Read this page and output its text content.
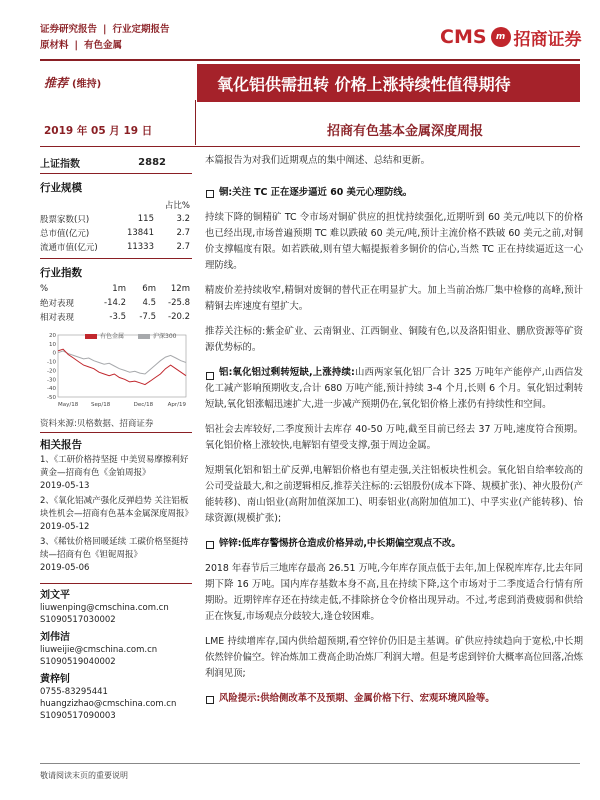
证券研究报告 | 行业定期报告
原材料 | 有色金属	CMS	m 招商证券
推荐 (维持)	氧化铝供需扭转 价格上涨持续性值得期待
2019 年 05 月 19 日	招商有色基本金属深度周报
上证指数	2882
行业规模
		占比%
股票家数(只)	115	3.2
总市值(亿元)	13841	2.7
流通市值(亿元)	11333	2.7
行业指数
%	1m	6m	12m
绝对表现	-14.2	4.5	-25.8
相对表现	-3.5	-7.5	-20.2
有色金属	沪深300
20
10
0
-10
-20
-30
-40
-50
May/18 Sep/18	Dec/18	Apr/19
资料来源:贝格数据、招商证券
相关报告
1、《工研价格持坚挺 中美贸易摩擦利好黄金—招商有色《金铂周报》
2019-05-13
2、《氧化铝减产强化反弹趋势 关注铝板块性机会—招商有色基本金属深度周报》
2019-05-12
3、《稀钛价格回暖延续 工碳价格坚挺持续—招商有色《钽铌周报》
2019-05-06
刘文平
liuwenping@cmschina.com.cn
S1090517030002
刘伟洁
liuweijie@cmschina.com.cn
S1090519040002
黄梓钊
0755-83295441
huangzizhao@cmschina.com.cn
S1090517090003
本篇报告为对我们近期观点的集中阐述、总结和更新。
铜:关注 TC 正在逐步逼近 60 美元心理防线。
持续下降的铜精矿 TC 令市场对铜矿供应的担忧持续强化,近期听到 60 美元/吨以下的价格也已经出现,市场普遍预期 TC 难以跌破 60 美元/吨,预计主流价格不跌破 60 美元之前,对铜价支撑幅度有限。如若跌破,则有望大幅提振着多铜价的信心,当然 TC 正在持续逼近这一心理防线。
精废价差持续收窄,精铜对废铜的替代正在明显扩大。加上当前冶炼厂集中检修的高峰,预计精铜去库速度有望扩大。
推荐关注标的:紫金矿业、云南铜业、江西铜业、铜陵有色,以及洛阳钼业、鹏欣资源等矿资源优势标的。
铝:氧化铝过剩转短缺,上涨持续:山西两家氧化铝厂合计 325 万吨年产能停产,山西信发化工减产影响预期收支,合计 680 万吨产能,预计持续 3-4 个月,长则 6 个月。氧化铝过剩转短缺,氧化铝涨幅迅速扩大,进一步减产预期仍在,氧化铝价格上涨仍有持续性和空间。
铝社会去库较好,二季度预计去库存 40-50 万吨,截至目前已经去 37 万吨,速度符合预期。氧化铝价格上涨较快,电解铝有望受支撑,强于周边金属。
短期氧化铝和铝土矿反弹,电解铝价格也有望走强,关注铝板块性机会。氧化铝自给率较高的公司受益最大,和之前逻辑相反,推荐关注标的:云铝股份(成本下降、规模扩张)、神火股份(产能转移)、南山铝业(高附加值深加工)、明泰铝业(高附加值加工)、中孚实业(产能转移)、怡球资源(规模扩张);
锌锌:低库存警惕挤仓造成价格异动,中长期偏空观点不改。
2018 年春节后三地库存最高 26.51 万吨,今年库存顶点低于去年,加上保税库库存,比去年同期下降 16 万吨。国内库存基数本身不高,且在持续下降,这个市场对于二季度适合行情有所期盼。近期锌库存还在持续走低,不排除挤仓令价格出现异动。不过,考虑到消费疲弱和供给正在恢复,市场观点分歧较大,逢仓较困难。
LME 持续增库存,国内供给超预期,看空锌价仍旧是主基调。矿供应持续趋向于宽松,中长期依然锌价偏空。锌冶炼加工费高企助冶炼厂利润大增。但是考虑到锌价大概率高位回落,冶炼利润见顶;
风险提示:供给侧改革不及预期、金属价格下行、宏观环境风险等。
敬请阅读末页的重要说明
